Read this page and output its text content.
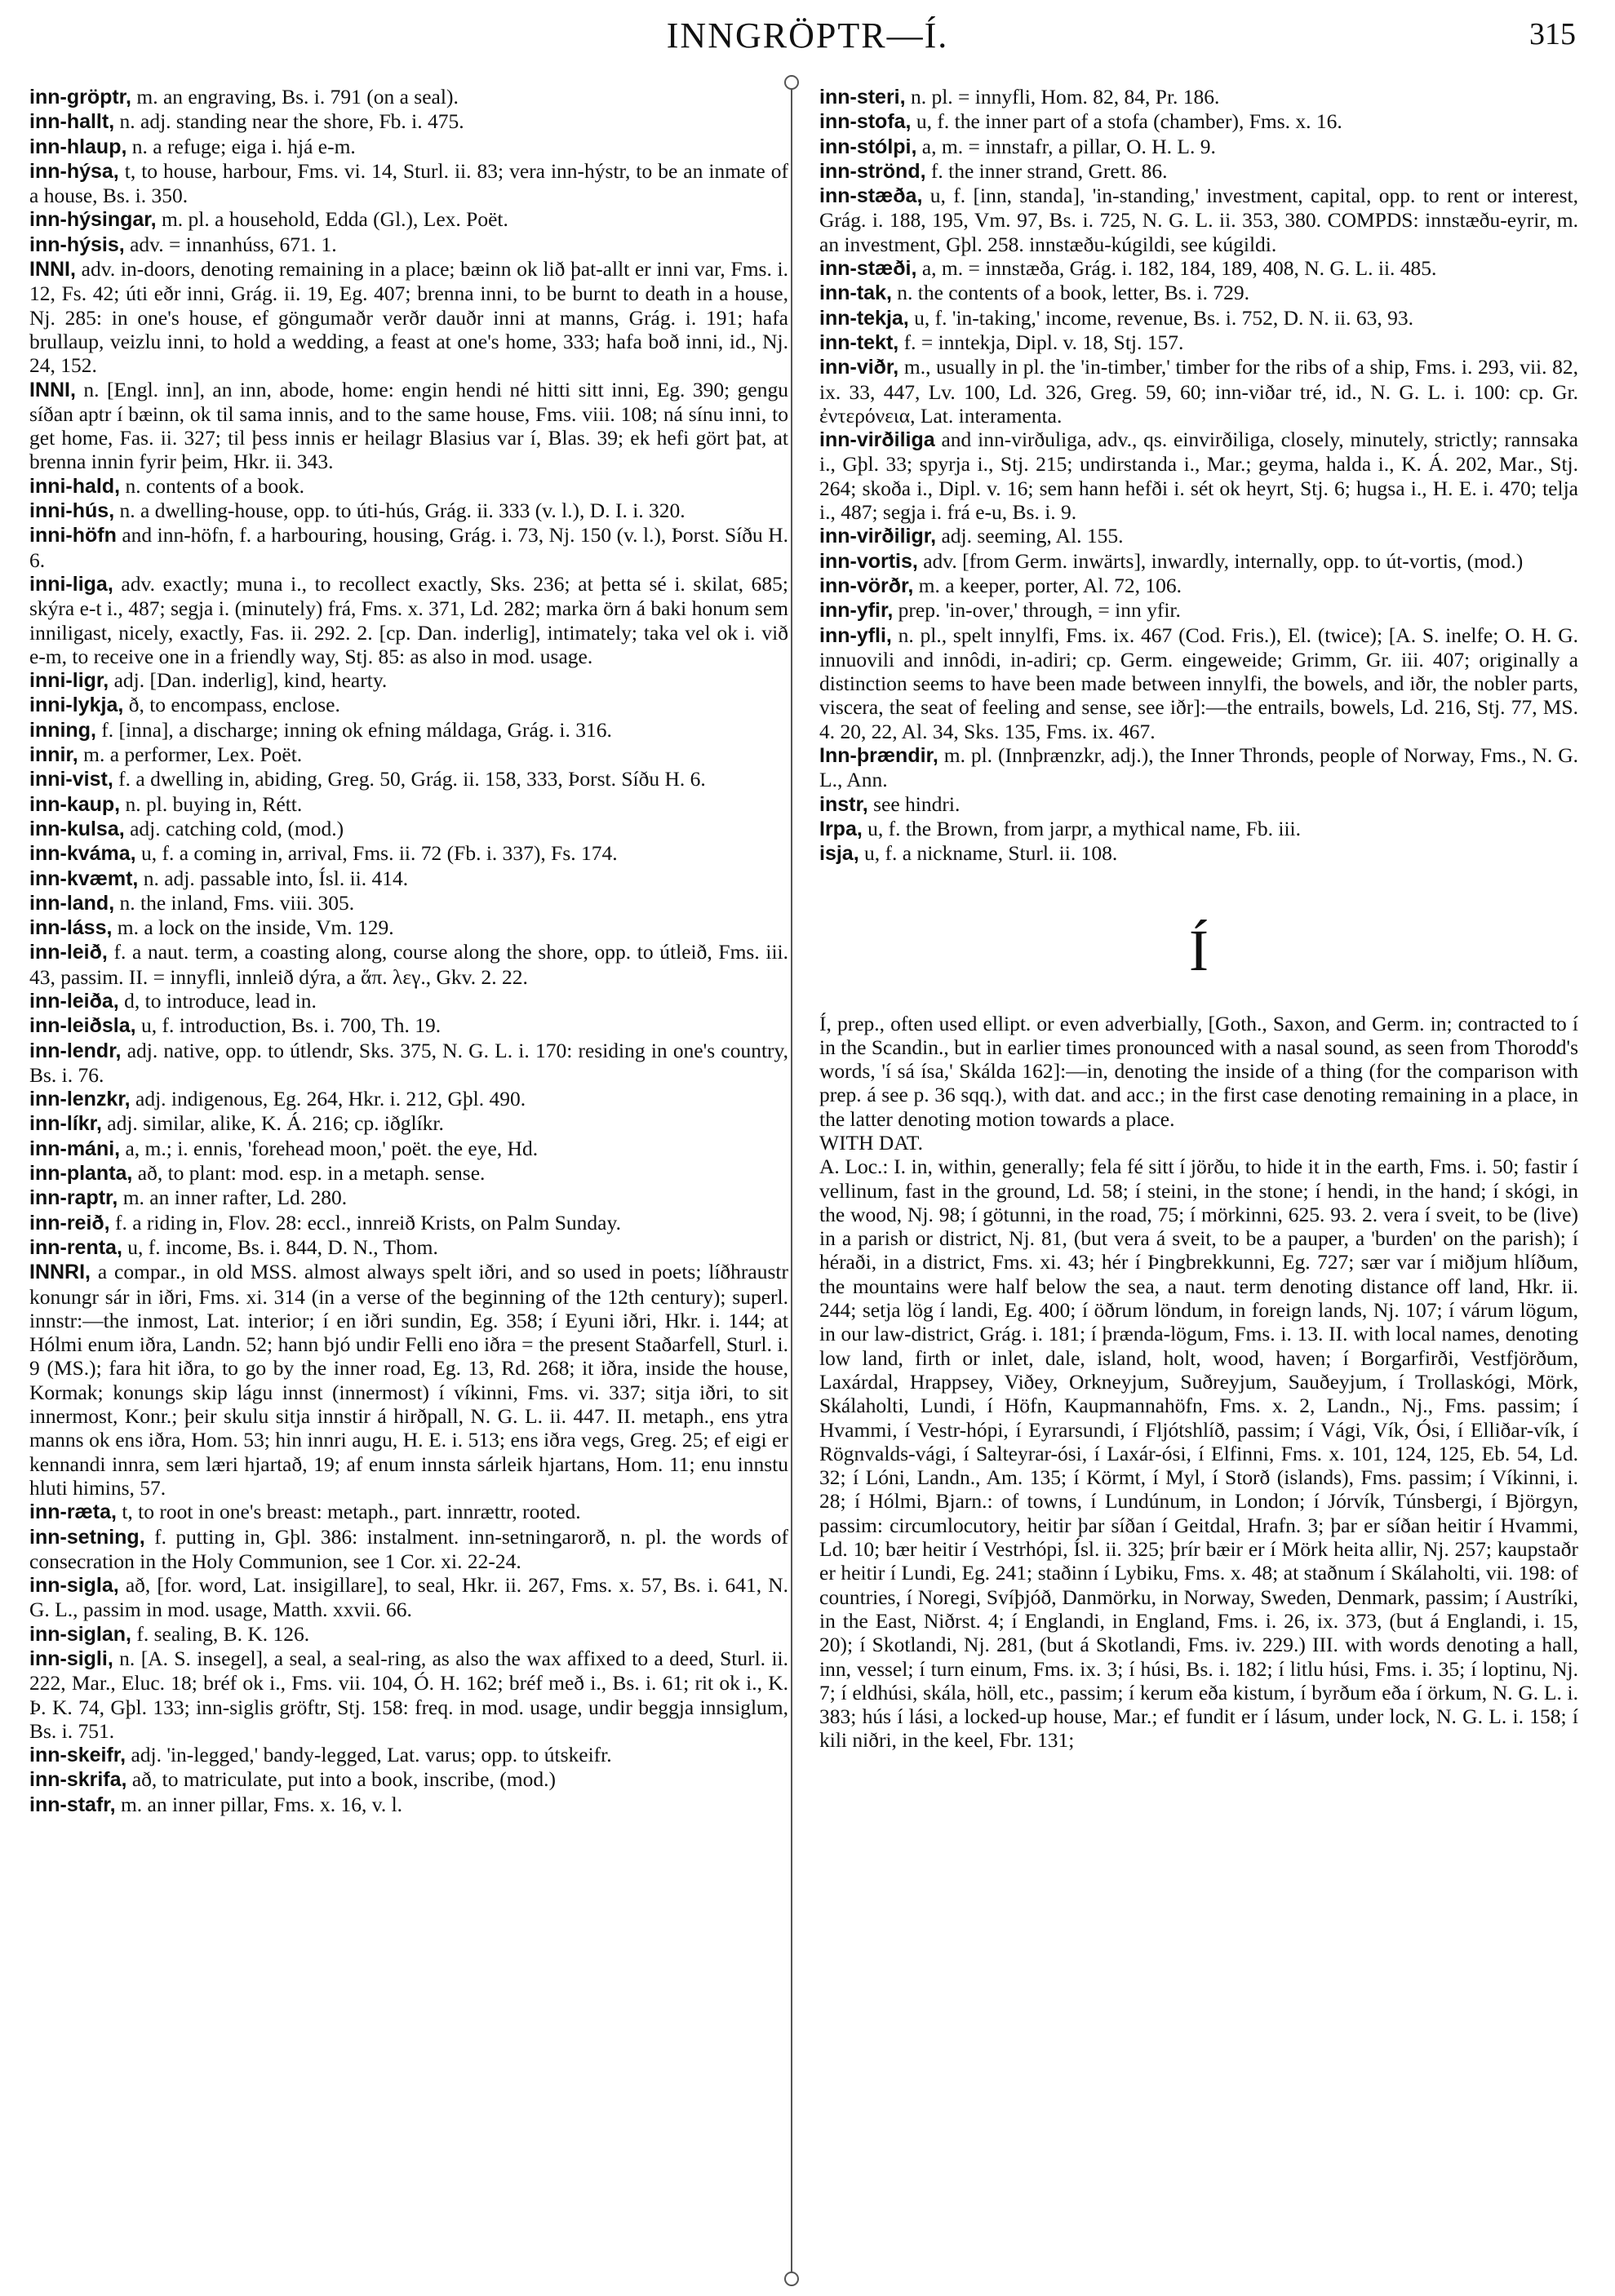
INNGRÖPTR—Í.	315

inn-gröptr, m. an engraving, Bs. i. 791 (on a seal).

inn-hallt, n. adj. standing near the shore, Fb. i. 475.

inn-hlaup, n. a refuge; eiga i. hjá e-m.

inn-hýsa, t, to house, harbour, Fms. vi. 14, Sturl. ii. 83; vera inn-hýstr, to be an inmate of a house, Bs. i. 350.

inn-hýsingar, m. pl. a household, Edda (Gl.), Lex. Poët.

inn-hýsis, adv. = innanhúss, 671. 1.

INNI, adv. in-doors, denoting remaining in a place; bæinn ok lið þat-allt er inni var, Fms. i. 12, Fs. 42; úti eðr inni, Grág. ii. 19, Eg. 407; brenna inni, to be burnt to death in a house, Nj. 285: in one's house, ef göngumaðr verðr dauðr inni at manns, Grág. i. 191; hafa brullaup, veizlu inni, to hold a wedding, a feast at one's home, 333; hafa boð inni, id., Nj. 24, 152.

INNI, n. [Engl. inn], an inn, abode, home: engin hendi né hitti sitt inni, Eg. 390; gengu síðan aptr í bæinn, ok til sama innis, and to the same house, Fms. viii. 108; ná sínu inni, to get home, Fas. ii. 327; til þess innis er heilagr Blasius var í, Blas. 39; ek hefi gört þat, at brenna innin fyrir þeim, Hkr. ii. 343.

inni-hald, n. contents of a book.

inni-hús, n. a dwelling-house, opp. to úti-hús, Grág. ii. 333 (v. l.), D. I. i. 320.

inni-höfn and inn-höfn, f. a harbouring, housing, Grág. i. 73, Nj. 150 (v. l.), Þorst. Síðu H. 6.

inni-liga, adv. exactly; muna i., to recollect exactly, Sks. 236; at þetta sé i. skilat, 685; skýra e-t i., 487; segja i. (minutely) frá, Fms. x. 371, Ld. 282; marka örn á baki honum sem inniligast, nicely, exactly, Fas. ii. 292. 2. [cp. Dan. inderlig], intimately; taka vel ok i. við e-m, to receive one in a friendly way, Stj. 85: as also in mod. usage.

inni-ligr, adj. [Dan. inderlig], kind, hearty.

inni-lykja, ð, to encompass, enclose.

inning, f. [inna], a discharge; inning ok efning máldaga, Grág. i. 316.

innir, m. a performer, Lex. Poët.

inni-vist, f. a dwelling in, abiding, Greg. 50, Grág. ii. 158, 333, Þorst. Síðu H. 6.

inn-kaup, n. pl. buying in, Rétt.

inn-kulsa, adj. catching cold, (mod.)

inn-kváma, u, f. a coming in, arrival, Fms. ii. 72 (Fb. i. 337), Fs. 174.

inn-kvæmt, n. adj. passable into, Ísl. ii. 414.

inn-land, n. the inland, Fms. viii. 305.

inn-láss, m. a lock on the inside, Vm. 129.

inn-leið, f. a naut. term, a coasting along, course along the shore, opp. to útleið, Fms. iii. 43, passim. II. = innyfli, innleið dýra, a ἅπ. λεγ., Gkv. 2. 22.

inn-leiða, d, to introduce, lead in.

inn-leiðsla, u, f. introduction, Bs. i. 700, Th. 19.

inn-lendr, adj. native, opp. to útlendr, Sks. 375, N. G. L. i. 170: residing in one's country, Bs. i. 76.

inn-lenzkr, adj. indigenous, Eg. 264, Hkr. i. 212, Gþl. 490.

inn-líkr, adj. similar, alike, K. Á. 216; cp. iðglíkr.

inn-máni, a, m.; i. ennis, 'forehead moon,' poët. the eye, Hd.

inn-planta, að, to plant: mod. esp. in a metaph. sense.

inn-raptr, m. an inner rafter, Ld. 280.

inn-reið, f. a riding in, Flov. 28: eccl., innreið Krists, on Palm Sunday.

inn-renta, u, f. income, Bs. i. 844, D. N., Thom.

INNRI, a compar., in old MSS. almost always spelt iðri, and so used in poets; líðhraustr konungr sár in iðri, Fms. xi. 314 (in a verse of the beginning of the 12th century); superl. innstr:—the inmost, Lat. interior; í en iðri sundin, Eg. 358; í Eyuni iðri, Hkr. i. 144; at Hólmi enum iðra, Landn. 52; hann bjó undir Felli eno iðra = the present Staðarfell, Sturl. i. 9 (MS.); fara hit iðra, to go by the inner road, Eg. 13, Rd. 268; it iðra, inside the house, Kormak; konungs skip lágu innst (innermost) í víkinni, Fms. vi. 337; sitja iðri, to sit innermost, Konr.; þeir skulu sitja innstir á hirðpall, N. G. L. ii. 447. II. metaph., ens ytra manns ok ens iðra, Hom. 53; hin innri augu, H. E. i. 513; ens iðra vegs, Greg. 25; ef eigi er kennandi innra, sem læri hjartað, 19; af enum innsta sárleik hjartans, Hom. 11; enu innstu hluti himins, 57.

inn-ræta, t, to root in one's breast: metaph., part. innrættr, rooted.

inn-setning, f. putting in, Gþl. 386: instalment. inn-setningarorð, n. pl. the words of consecration in the Holy Communion, see 1 Cor. xi. 22-24.

inn-sigla, að, [for. word, Lat. insigillare], to seal, Hkr. ii. 267, Fms. x. 57, Bs. i. 641, N. G. L., passim in mod. usage, Matth. xxvii. 66.

inn-siglan, f. sealing, B. K. 126.

inn-sigli, n. [A. S. insegel], a seal, a seal-ring, as also the wax affixed to a deed, Sturl. ii. 222, Mar., Eluc. 18; bréf ok i., Fms. vii. 104, Ó. H. 162; bréf með i., Bs. i. 61; rit ok i., K. Þ. K. 74, Gþl. 133; inn-siglis gröftr, Stj. 158: freq. in mod. usage, undir beggja innsiglum, Bs. i. 751.

inn-skeifr, adj. 'in-legged,' bandy-legged, Lat. varus; opp. to útskeifr.

inn-skrifa, að, to matriculate, put into a book, inscribe, (mod.)

inn-stafr, m. an inner pillar, Fms. x. 16, v. l.

inn-steri, n. pl. = innyfli, Hom. 82, 84, Pr. 186.

inn-stofa, u, f. the inner part of a stofa (chamber), Fms. x. 16.

inn-stólpi, a, m. = innstafr, a pillar, O. H. L. 9.

inn-strönd, f. the inner strand, Grett. 86.

inn-stæða, u, f. [inn, standa], 'in-standing,' investment, capital, opp. to rent or interest, Grág. i. 188, 195, Vm. 97, Bs. i. 725, N. G. L. ii. 353, 380. COMPDS: innstæðu-eyrir, m. an investment, Gþl. 258. innstæðu-kúgildi, see kúgildi.

inn-stæði, a, m. = innstæða, Grág. i. 182, 184, 189, 408, N. G. L. ii. 485.

inn-tak, n. the contents of a book, letter, Bs. i. 729.

inn-tekja, u, f. 'in-taking,' income, revenue, Bs. i. 752, D. N. ii. 63, 93.

inn-tekt, f. = inntekja, Dipl. v. 18, Stj. 157.

inn-viðr, m., usually in pl. the 'in-timber,' timber for the ribs of a ship, Fms. i. 293, vii. 82, ix. 33, 447, Lv. 100, Ld. 326, Greg. 59, 60; inn-viðar tré, id., N. G. L. i. 100: cp. Gr. ἐντερόνεια, Lat. interamenta.

inn-virðiliga and inn-virðuliga, adv., qs. einvirðiliga, closely, minutely, strictly; rannsaka i., Gþl. 33; spyrja i., Stj. 215; undirstanda i., Mar.; geyma, halda i., K. Á. 202, Mar., Stj. 264; skoða i., Dipl. v. 16; sem hann hefði i. sét ok heyrt, Stj. 6; hugsa i., H. E. i. 470; telja i., 487; segja i. frá e-u, Bs. i. 9.

inn-virðiligr, adj. seeming, Al. 155.

inn-vortis, adv. [from Germ. inwärts], inwardly, internally, opp. to út-vortis, (mod.)

inn-vörðr, m. a keeper, porter, Al. 72, 106.

inn-yfir, prep. 'in-over,' through, = inn yfir.

inn-yfli, n. pl., spelt innylfi, Fms. ix. 467 (Cod. Fris.), El. (twice); [A. S. inelfe; O. H. G. innuovili and innôdi, in-adiri; cp. Germ. eingeweide; Grimm, Gr. iii. 407; originally a distinction seems to have been made between innylfi, the bowels, and iðr, the nobler parts, viscera, the seat of feeling and sense, see iðr]:—the entrails, bowels, Ld. 216, Stj. 77, MS. 4. 20, 22, Al. 34, Sks. 135, Fms. ix. 467.

Inn-þrændir, m. pl. (Innþrænzkr, adj.), the Inner Thronds, people of Norway, Fms., N. G. L., Ann.

instr, see hindri.

Irpa, u, f. the Brown, from jarpr, a mythical name, Fb. iii.

isja, u, f. a nickname, Sturl. ii. 108.

Í

Í, prep., often used ellipt. or even adverbially, [Goth., Saxon, and Germ. in; contracted to í in the Scandin., but in earlier times pronounced with a nasal sound, as seen from Thorodd's words, 'í sá ísa,' Skálda 162]:—in, denoting the inside of a thing (for the comparison with prep. á see p. 36 sqq.), with dat. and acc.; in the first case denoting remaining in a place, in the latter denoting motion towards a place.

WITH DAT.

A. Loc.: I. in, within, generally; fela fé sitt í jörðu, to hide it in the earth, Fms. i. 50; fastir í vellinum, fast in the ground, Ld. 58; í steini, in the stone; í hendi, in the hand; í skógi, in the wood, Nj. 98; í götunni, in the road, 75; í mörkinni, 625. 93. 2. vera í sveit, to be (live) in a parish or district, Nj. 81, (but vera á sveit, to be a pauper, a 'burden' on the parish); í héraði, in a district, Fms. xi. 43; hér í Þingbrekkunni, Eg. 727; sær var í miðjum hlíðum, the mountains were half below the sea, a naut. term denoting distance off land, Hkr. ii. 244; setja lög í landi, Eg. 400; í öðrum löndum, in foreign lands, Nj. 107; í várum lögum, in our law-district, Grág. i. 181; í þrænda-lögum, Fms. i. 13. II. with local names, denoting low land, firth or inlet, dale, island, holt, wood, haven; í Borgarfirði, Vestfjörðum, Laxárdal, Hrappsey, Viðey, Orkneyjum, Suðreyjum, Sauðeyjum, í Trollaskógi, Mörk, Skálaholti, Lundi, í Höfn, Kaupmannahöfn, Fms. x. 2, Landn., Nj., Fms. passim; í Hvammi, í Vestr-hópi, í Eyrarsundi, í Fljótshlíð, passim; í Vági, Vík, Ósi, í Elliðar-vík, í Rögnvalds-vági, í Salteyrar-ósi, í Laxár-ósi, í Elfinni, Fms. x. 101, 124, 125, Eb. 54, Ld. 32; í Lóni, Landn., Am. 135; í Körmt, í Myl, í Storð (islands), Fms. passim; í Víkinni, i. 28; í Hólmi, Bjarn.: of towns, í Lundúnum, in London; í Jórvík, Túnsbergi, í Björgyn, passim: circumlocutory, heitir þar síðan í Geitdal, Hrafn. 3; þar er síðan heitir í Hvammi, Ld. 10; bær heitir í Vestrhópi, Ísl. ii. 325; þrír bæir er í Mörk heita allir, Nj. 257; kaupstaðr er heitir í Lundi, Eg. 241; staðinn í Lybiku, Fms. x. 48; at staðnum í Skálaholti, vii. 198: of countries, í Noregi, Svíþjóð, Danmörku, in Norway, Sweden, Denmark, passim; í Austríki, in the East, Niðrst. 4; í Englandi, in England, Fms. i. 26, ix. 373, (but á Englandi, i. 15, 20); í Skotlandi, Nj. 281, (but á Skotlandi, Fms. iv. 229.) III. with words denoting a hall, inn, vessel; í turn einum, Fms. ix. 3; í húsi, Bs. i. 182; í litlu húsi, Fms. i. 35; í loptinu, Nj. 7; í eldhúsi, skála, höll, etc., passim; í kerum eða kistum, í byrðum eða í örkum, N. G. L. i. 383; hús í lási, a locked-up house, Mar.; ef fundit er í lásum, under lock, N. G. L. i. 158; í kili niðri, in the keel, Fbr. 131;
